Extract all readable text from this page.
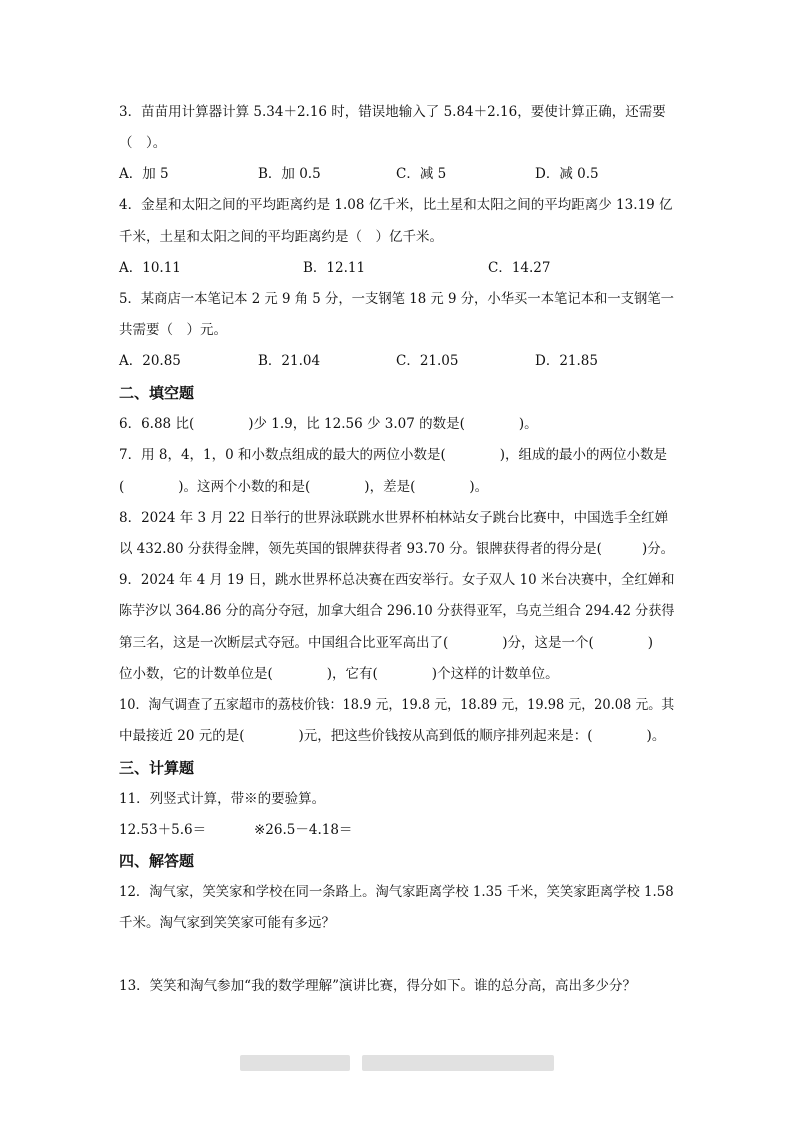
3．苗苗用计算器计算 5.34＋2.16 时，错误地输入了 5.84＋2.16，要使计算正确，还需要
（　）。
A．加 5	B．加 0.5	C．减 5	D．减 0.5
4．金星和太阳之间的平均距离约是 1.08 亿千米，比土星和太阳之间的平均距离少 13.19 亿
千米，土星和太阳之间的平均距离约是（　）亿千米。
A．10.11	B．12.11	C．14.27
5．某商店一本笔记本 2 元 9 角 5 分，一支钢笔 18 元 9 分，小华买一本笔记本和一支钢笔一
共需要（　）元。
A．20.85	B．21.04	C．21.05	D．21.85
二、填空题
6．6.88 比(　　　　)少 1.9，比 12.56 少 3.07 的数是(　　　　)。
7．用 8，4，1，0 和小数点组成的最大的两位小数是(　　　　)，组成的最小的两位小数是
(　　　　)。这两个小数的和是(　　　　)，差是(　　　　)。
8．2024 年 3 月 22 日举行的世界泳联跳水世界杯柏林站女子跳台比赛中，中国选手全红婵
以 432.80 分获得金牌，领先英国的银牌获得者 93.70 分。银牌获得者的得分是(　　　)分。
9．2024 年 4 月 19 日，跳水世界杯总决赛在西安举行。女子双人 10 米台决赛中，全红婵和
陈芋汐以 364.86 分的高分夺冠，加拿大组合 296.10 分获得亚军，乌克兰组合 294.42 分获得
第三名，这是一次断层式夺冠。中国组合比亚军高出了(　　　　)分，这是一个(　　　　)
位小数，它的计数单位是(　　　　)，它有(　　　　)个这样的计数单位。
10．淘气调查了五家超市的荔枝价钱：18.9 元，19.8 元，18.89 元，19.98 元，20.08 元。其
中最接近 20 元的是(　　　　)元，把这些价钱按从高到低的顺序排列起来是：(　　　　)。
三、计算题
11．列竖式计算，带※的要验算。
12.53＋5.6＝	※26.5－4.18＝
四、解答题
12．淘气家，笑笑家和学校在同一条路上。淘气家距离学校 1.35 千米，笑笑家距离学校 1.58
千米。淘气家到笑笑家可能有多远？
13．笑笑和淘气参加“我的数学理解”演讲比赛，得分如下。谁的总分高，高出多少分？
